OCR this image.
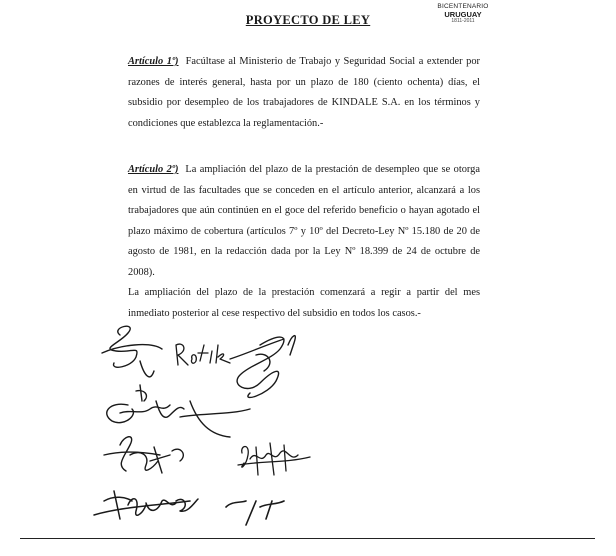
BICENTENARIO
URUGUAY
1811-2011
PROYECTO DE LEY

Artículo 1º) Facúltase al Ministerio de Trabajo y Seguridad Social a extender por razones de interés general, hasta por un plazo de 180 (ciento ochenta) días, el subsidio por desempleo de los trabajadores de KINDALE S.A. en los términos y condiciones que establezca la reglamentación.-

Artículo 2º) La ampliación del plazo de la prestación de desempleo que se otorga en virtud de las facultades que se conceden en el artículo anterior, alcanzará a los trabajadores que aún continúen en el goce del referido beneficio o hayan agotado el plazo máximo de cobertura (artículos 7º y 10º del Decreto-Ley Nº 15.180 de 20 de agosto de 1981, en la redacción dada por la Ley Nº 18.399 de 24 de octubre de 2008).

La ampliación del plazo de la prestación comenzará a regir a partir del mes inmediato posterior al cese respectivo del subsidio en todos los casos.-
